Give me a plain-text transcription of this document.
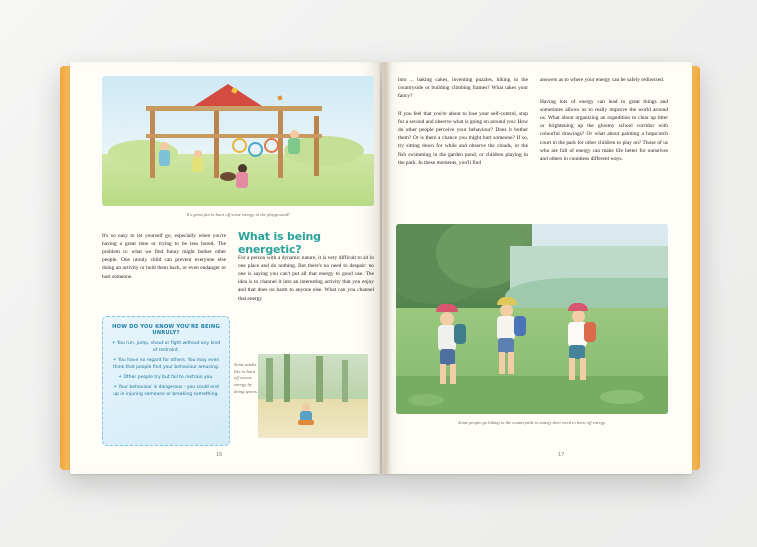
It's great fun to burn off some energy in the playground!
It's so easy to let yourself go, especially when you're having a great time or trying to be less bored. The problem is: what we find funny might bother other people. One unruly child can prevent everyone else doing an activity or hold them back, or even endanger or hurt someone.
What is being energetic?
For a person with a dynamic nature, it is very difficult to sit in one place and do nothing. But there's no need to despair: no one is saying you can't put all that energy to good use. The idea is to channel it into an interesting activity that you enjoy and that does no harm to anyone else. What can you channel that energy
HOW DO YOU KNOW YOU'RE BEING UNRULY?
✦ You run, jump, shout or fight without any kind of restraint.
✦ You have no regard for others. You may even think that people find your behaviour amusing.
✦ Other people try but fail to restrain you.
✦ Your behaviour is dangerous - you could end up in injuring someone or breaking something.
Some adults like to burn off excess energy by doing sports.
16
into ... baking cakes, inventing puzzles, hiking in the countryside or building climbing frames? What takes your fancy?
If you feel that you're about to lose your self-control, stop for a second and observe what is going on around you: How do other people perceive your behaviour? Does it bother them? Or is there a chance you might hurt someone? If so, try sitting down for while and observe the clouds, or the fish swimming in the garden pond, or children playing in the park. In these moments, you'll find
answers as to where your energy can be safely redirected.
Having lots of energy can lead to great things and sometimes allows us to really improve the world around us. What about organizing an expedition to clear up litter or brightening up the gloomy school corridor with colourful drawings? Or what about painting a hopscotch court in the park for other children to play on? Those of us who are full of energy can make life better for ourselves and others in countless different ways.
Some people go hiking in the countryside to satisfy their need to burn off energy.
17
